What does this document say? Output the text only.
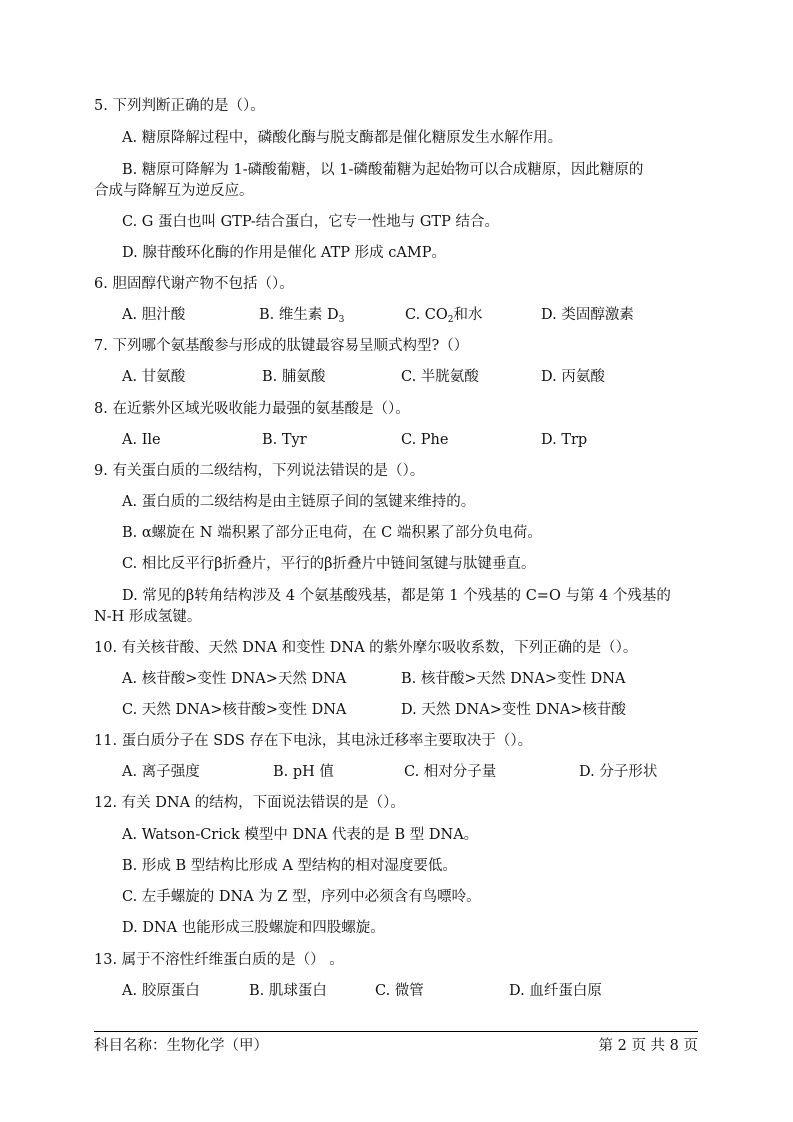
5. 下列判断正确的是（）。
A. 糖原降解过程中，磷酸化酶与脱支酶都是催化糖原发生水解作用。
B. 糖原可降解为 1-磷酸葡糖，以 1-磷酸葡糖为起始物可以合成糖原，因此糖原的
合成与降解互为逆反应。
C. G 蛋白也叫 GTP-结合蛋白，它专一性地与 GTP 结合。
D. 腺苷酸环化酶的作用是催化 ATP 形成 cAMP。
6. 胆固醇代谢产物不包括（）。
A. 胆汁酸	B. 维生素 $D_3$	C. $CO_2$和水	D. 类固醇激素
7. 下列哪个氨基酸参与形成的肽键最容易呈顺式构型?（）
A. 甘氨酸	B. 脯氨酸	C. 半胱氨酸	D. 丙氨酸
8. 在近紫外区域光吸收能力最强的氨基酸是（）。
A. Ile	B. Tyr	C. Phe	D. Trp
9. 有关蛋白质的二级结构，下列说法错误的是（）。
A. 蛋白质的二级结构是由主链原子间的氢键来维持的。
B. α螺旋在 N 端积累了部分正电荷，在 C 端积累了部分负电荷。
C. 相比反平行β折叠片，平行的β折叠片中链间氢键与肽键垂直。
D. 常见的β转角结构涉及 4 个氨基酸残基，都是第 1 个残基的 C=O 与第 4 个残基的
N-H 形成氢键。
10. 有关核苷酸、天然 DNA 和变性 DNA 的紫外摩尔吸收系数，下列正确的是（）。
A. 核苷酸>变性 DNA>天然 DNA	B. 核苷酸>天然 DNA>变性 DNA
C. 天然 DNA>核苷酸>变性 DNA	D. 天然 DNA>变性 DNA>核苷酸
11. 蛋白质分子在 SDS 存在下电泳，其电泳迁移率主要取决于（）。
A. 离子强度	B. pH 值	C. 相对分子量	D. 分子形状
12. 有关 DNA 的结构，下面说法错误的是（）。
A. Watson-Crick 模型中 DNA 代表的是 B 型 DNA。
B. 形成 B 型结构比形成 A 型结构的相对湿度要低。
C. 左手螺旋的 DNA 为 Z 型，序列中必须含有鸟嘌呤。
D. DNA 也能形成三股螺旋和四股螺旋。
13. 属于不溶性纤维蛋白质的是（） 。
A. 胶原蛋白	B. 肌球蛋白	C. 微管	D. 血纤蛋白原
科目名称：生物化学（甲）	第 2 页 共 8 页
